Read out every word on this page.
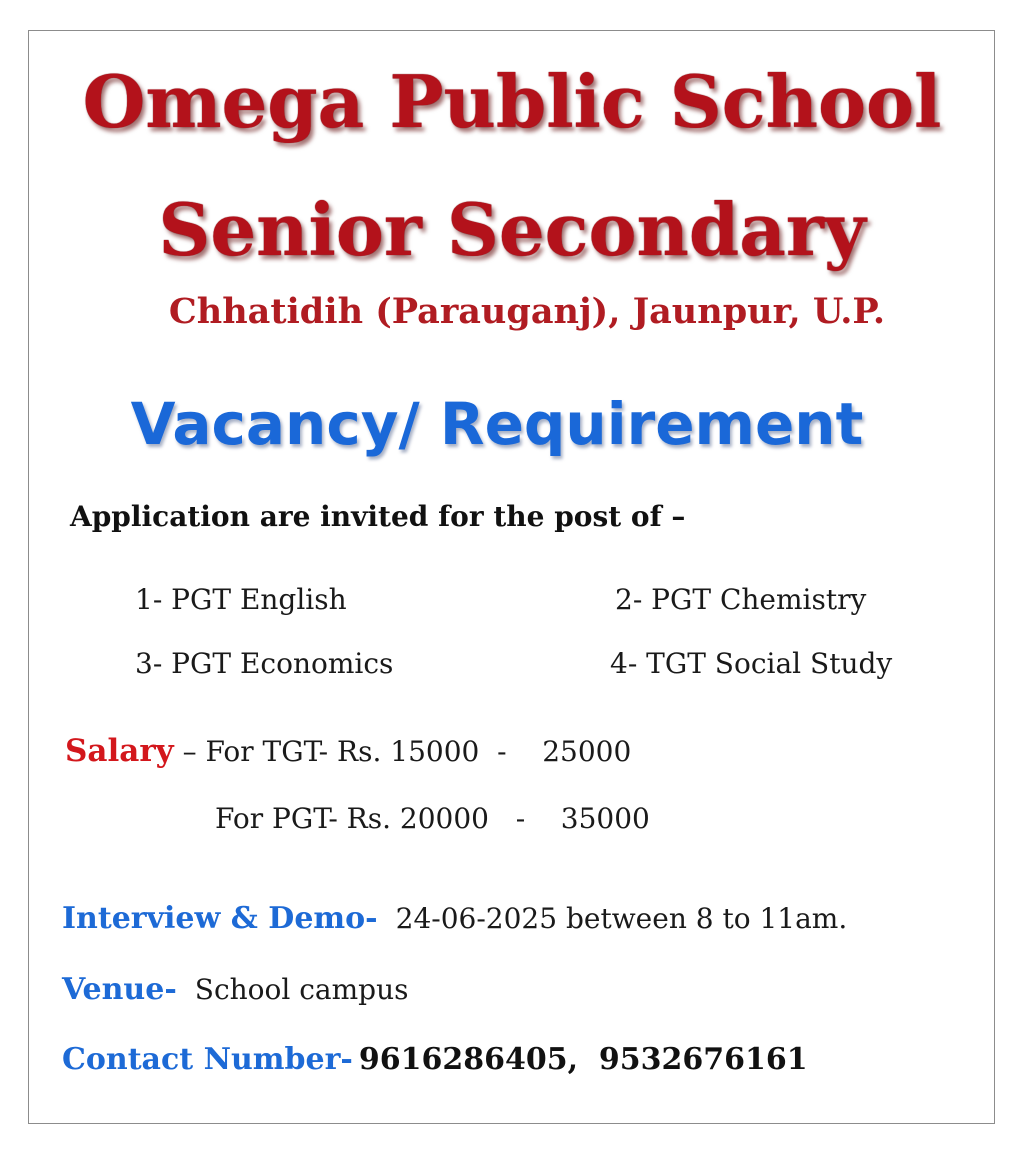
Omega Public School
Senior Secondary
Chhatidih (Parauganj), Jaunpur, U.P.
Vacancy/ Requirement
Application are invited for the post of –
1- PGT English	2- PGT Chemistry
3- PGT Economics	4- TGT Social Study
Salary – For TGT- Rs. 15000  -    25000
For PGT- Rs. 20000   -    35000
Interview & Demo- 24-06-2025 between 8 to 11am.
Venue- School campus
Contact Number- 9616286405,  9532676161
